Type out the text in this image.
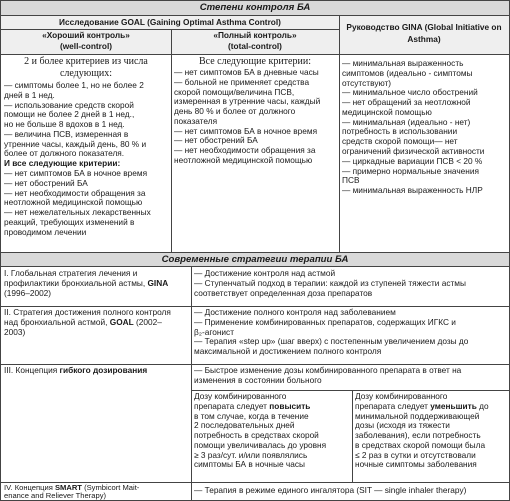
Степени контроля БА
Исследование GOAL (Gaining Optimal Asthma Control)	Руководство GINA (Global Initiative on Asthma)
«Хороший контроль»
(well-control)
«Полный контроль»
(total-control)
2 и более критериев из числа следующих:
— симптомы более 1, но не более 2
дней в 1 нед.
— использование средств скорой
помощи не более 2 дней в 1 нед.,
но не больше 8 вдохов в 1 нед.
— величина ПСВ, измеренная в
утренние часы, каждый день, 80 % и
более от должного показателя.
И все следующие критерии:
— нет симптомов БА в ночное время
— нет обострений БА
— нет необходимости обращения за
неотложной медицинской помощью
— нет нежелательных лекарственных
реакций, требующих изменений в
проводимом лечении
Все следующие критерии:
— нет симптомов БА в дневные часы
— больной не применяет средства
скорой помощи/величина ПСВ,
измеренная в утренние часы, каждый
день 80 % и более от должного
показателя
— нет симптомов БА в ночное время
— нет обострений БА
— нет необходимости обращения за
неотложной медицинской помощью
— минимальная выраженность
симптомов (идеально - симптомы
отсутствуют)
— минимальное число обострений
— нет обращений за неотложной
медицинской помощью
— минимальная (идеально - нет)
потребность в использовании
средств скорой помощи— нет
ограничений физической активности
— циркадные вариации ПСВ < 20 %
— примерно нормальные значения
ПСВ
— минимальная выраженность НЛР
Современные стратегии терапии БА
I. Глобальная стратегия лечения и
профилактики бронхиальной астмы, GINA
(1996–2002)
— Достижение контроля над астмой
— Ступенчатый подход в терапии: каждой из ступеней тяжести астмы
соответствует определенная доза препаратов
II. Стратегия достижения полного контроля
над бронхиальной астмой, GOAL (2002–
2003)
— Достижение полного контроля над заболеванием
— Применение комбинированных препаратов, содержащих ИГКС и
β₂-агонист
— Терапия «step up» (шаг вверх) с постепенным увеличением дозы до
максимальной и достижением полного контроля
III. Концепция гибкого дозирования	— Быстрое изменение дозы комбинированного препарата в ответ на
изменения в состоянии больного
Дозу комбинированного
препарата следует повысить
в том случае, когда в течение
2 последовательных дней
потребность в средствах скорой
помощи увеличивалась до уровня
≥ 3 раз/сут. и/или появлялись
симптомы БА в ночные часы
Дозу комбинированного
препарата следует уменьшить до
минимальной поддерживающей
дозы (исходя из тяжести
заболевания), если потребность
в средствах скорой помощи была
≤ 2 раз в сутки и отсутствовали
ночные симптомы заболевания
IV. Концепция SMART (Symbicort Mait-
enance and Reliever Therapy)
— Терапия в режиме единого ингалятора (SIT — single inhaler therapy)
